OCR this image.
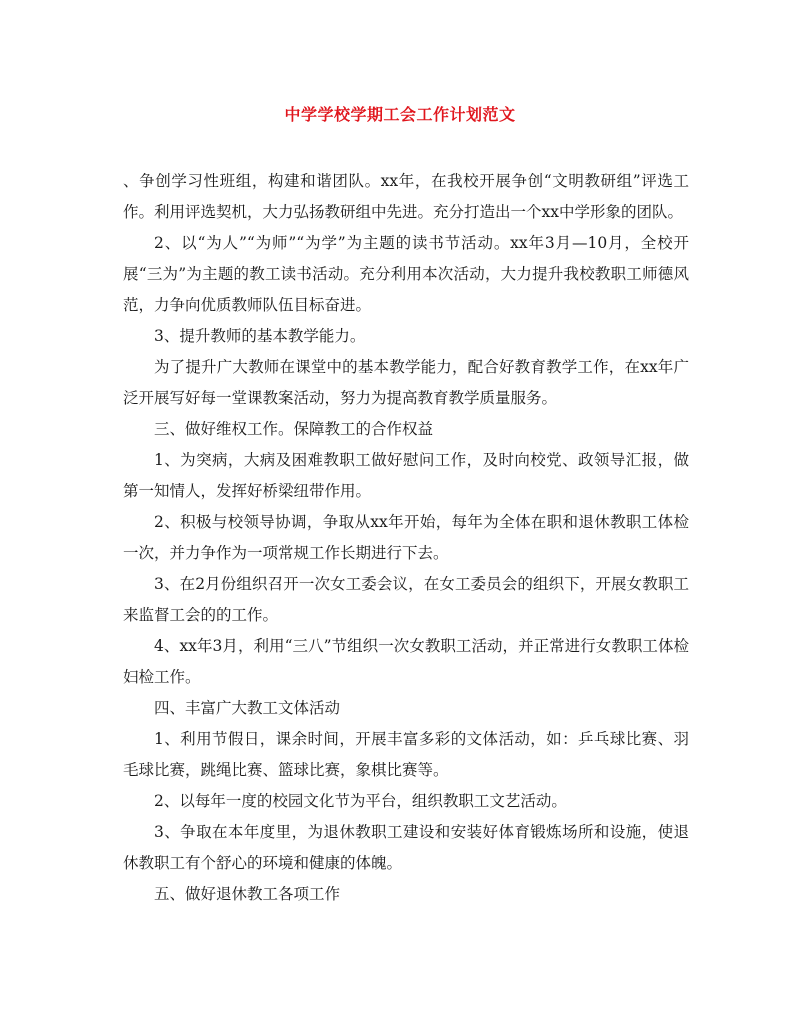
中学学校学期工会工作计划范文

、争创学习性班组，构建和谐团队。xx年，在我校开展争创“文明教研组”评选工作。利用评选契机，大力弘扬教研组中先进。充分打造出一个xx中学形象的团队。

2、以“为人”“为师”“为学”为主题的读书节活动。xx年3月—10月，全校开展“三为”为主题的教工读书活动。充分利用本次活动，大力提升我校教职工师德风范，力争向优质教师队伍目标奋进。

3、提升教师的基本教学能力。

为了提升广大教师在课堂中的基本教学能力，配合好教育教学工作，在xx年广泛开展写好每一堂课教案活动，努力为提高教育教学质量服务。

三、做好维权工作。保障教工的合作权益

1、为突病，大病及困难教职工做好慰问工作，及时向校党、政领导汇报，做第一知情人，发挥好桥梁纽带作用。

2、积极与校领导协调，争取从xx年开始，每年为全体在职和退休教职工体检一次，并力争作为一项常规工作长期进行下去。

3、在2月份组织召开一次女工委会议，在女工委员会的组织下，开展女教职工来监督工会的的工作。

4、xx年3月，利用“三八”节组织一次女教职工活动，并正常进行女教职工体检妇检工作。

四、丰富广大教工文体活动

1、利用节假日，课余时间，开展丰富多彩的文体活动，如：乒乓球比赛、羽毛球比赛，跳绳比赛、篮球比赛，象棋比赛等。

2、以每年一度的校园文化节为平台，组织教职工文艺活动。

3、争取在本年度里，为退休教职工建设和安装好体育锻炼场所和设施，使退休教职工有个舒心的环境和健康的体魄。

五、做好退休教工各项工作
